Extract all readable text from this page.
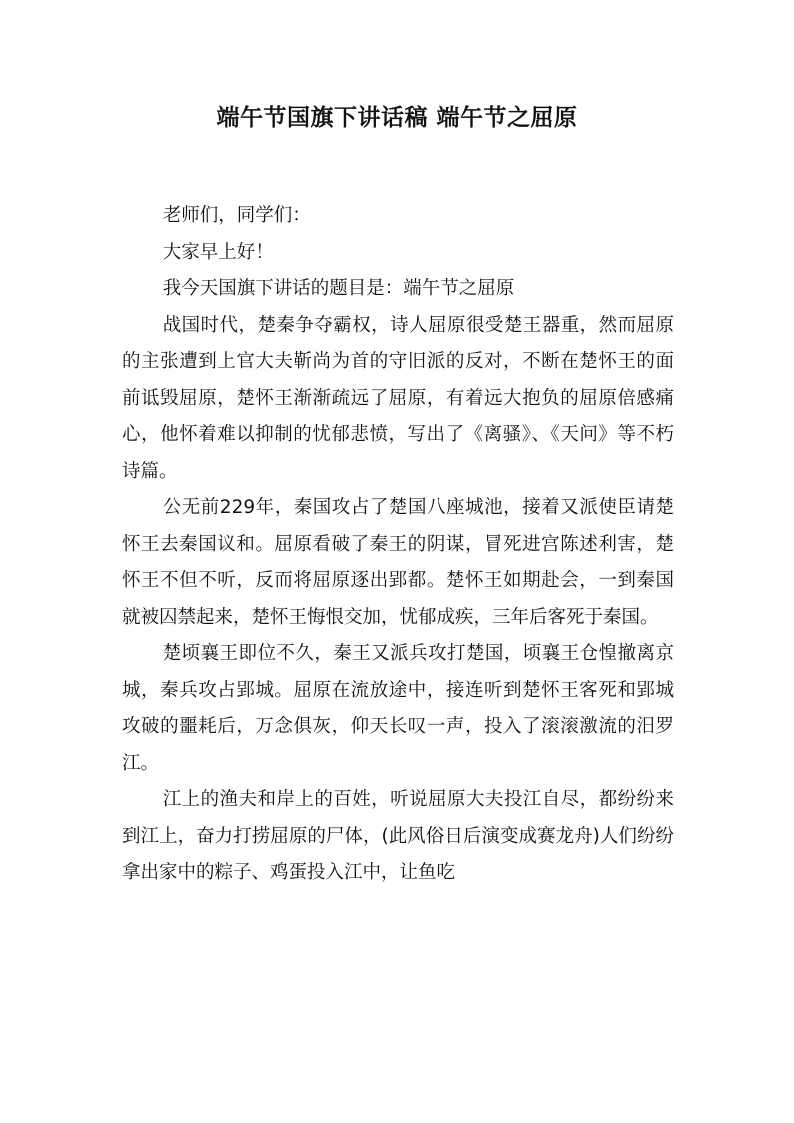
端午节国旗下讲话稿 端午节之屈原

老师们，同学们：

大家早上好！

我今天国旗下讲话的题目是：端午节之屈原

战国时代，楚秦争夺霸权，诗人屈原很受楚王器重，然而屈原的主张遭到上官大夫靳尚为首的守旧派的反对，不断在楚怀王的面前诋毁屈原，楚怀王渐渐疏远了屈原，有着远大抱负的屈原倍感痛心，他怀着难以抑制的忧郁悲愤，写出了《离骚》、《天问》等不朽诗篇。

公无前229年，秦国攻占了楚国八座城池，接着又派使臣请楚怀王去秦国议和。屈原看破了秦王的阴谋，冒死进宫陈述利害，楚怀王不但不听，反而将屈原逐出郢都。楚怀王如期赴会，一到秦国就被囚禁起来，楚怀王悔恨交加，忧郁成疾，三年后客死于秦国。

楚顷襄王即位不久，秦王又派兵攻打楚国，顷襄王仓惶撤离京城，秦兵攻占郢城。屈原在流放途中，接连听到楚怀王客死和郢城攻破的噩耗后，万念俱灰，仰天长叹一声，投入了滚滚激流的汨罗江。

江上的渔夫和岸上的百姓，听说屈原大夫投江自尽，都纷纷来到江上，奋力打捞屈原的尸体，(此风俗日后演变成赛龙舟)人们纷纷拿出家中的粽子、鸡蛋投入江中，让鱼吃
